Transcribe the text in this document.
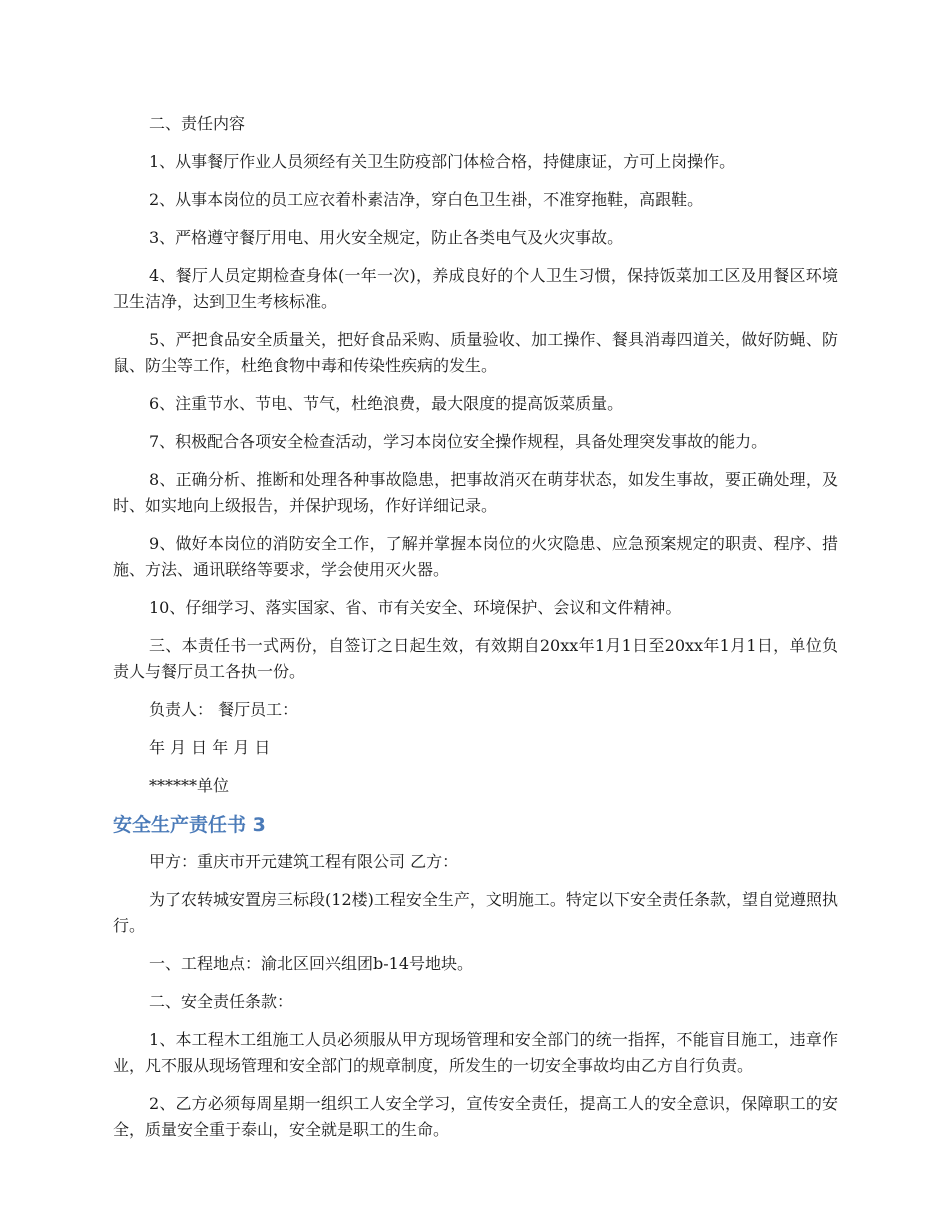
二、责任内容

1、从事餐厅作业人员须经有关卫生防疫部门体检合格，持健康证，方可上岗操作。

2、从事本岗位的员工应衣着朴素洁净，穿白色卫生褂，不准穿拖鞋，高跟鞋。

3、严格遵守餐厅用电、用火安全规定，防止各类电气及火灾事故。

4、餐厅人员定期检查身体(一年一次)，养成良好的个人卫生习惯，保持饭菜加工区及用餐区环境卫生洁净，达到卫生考核标准。

5、严把食品安全质量关，把好食品采购、质量验收、加工操作、餐具消毒四道关，做好防蝇、防鼠、防尘等工作，杜绝食物中毒和传染性疾病的发生。

6、注重节水、节电、节气，杜绝浪费，最大限度的提高饭菜质量。

7、积极配合各项安全检查活动，学习本岗位安全操作规程，具备处理突发事故的能力。

8、正确分析、推断和处理各种事故隐患，把事故消灭在萌芽状态，如发生事故，要正确处理，及时、如实地向上级报告，并保护现场，作好详细记录。

9、做好本岗位的消防安全工作，了解并掌握本岗位的火灾隐患、应急预案规定的职责、程序、措施、方法、通讯联络等要求，学会使用灭火器。

10、仔细学习、落实国家、省、市有关安全、环境保护、会议和文件精神。

三、本责任书一式两份，自签订之日起生效，有效期自20xx年1月1日至20xx年1月1日，单位负责人与餐厅员工各执一份。

负责人： 餐厅员工：

年 月 日 年 月 日

******单位

安全生产责任书 3

甲方：重庆市开元建筑工程有限公司 乙方：

为了农转城安置房三标段(12楼)工程安全生产，文明施工。特定以下安全责任条款，望自觉遵照执行。

一、工程地点：渝北区回兴组团b-14号地块。

二、安全责任条款：

1、本工程木工组施工人员必须服从甲方现场管理和安全部门的统一指挥，不能盲目施工，违章作业，凡不服从现场管理和安全部门的规章制度，所发生的一切安全事故均由乙方自行负责。

2、乙方必须每周星期一组织工人安全学习，宣传安全责任，提高工人的安全意识，保障职工的安全，质量安全重于泰山，安全就是职工的生命。
